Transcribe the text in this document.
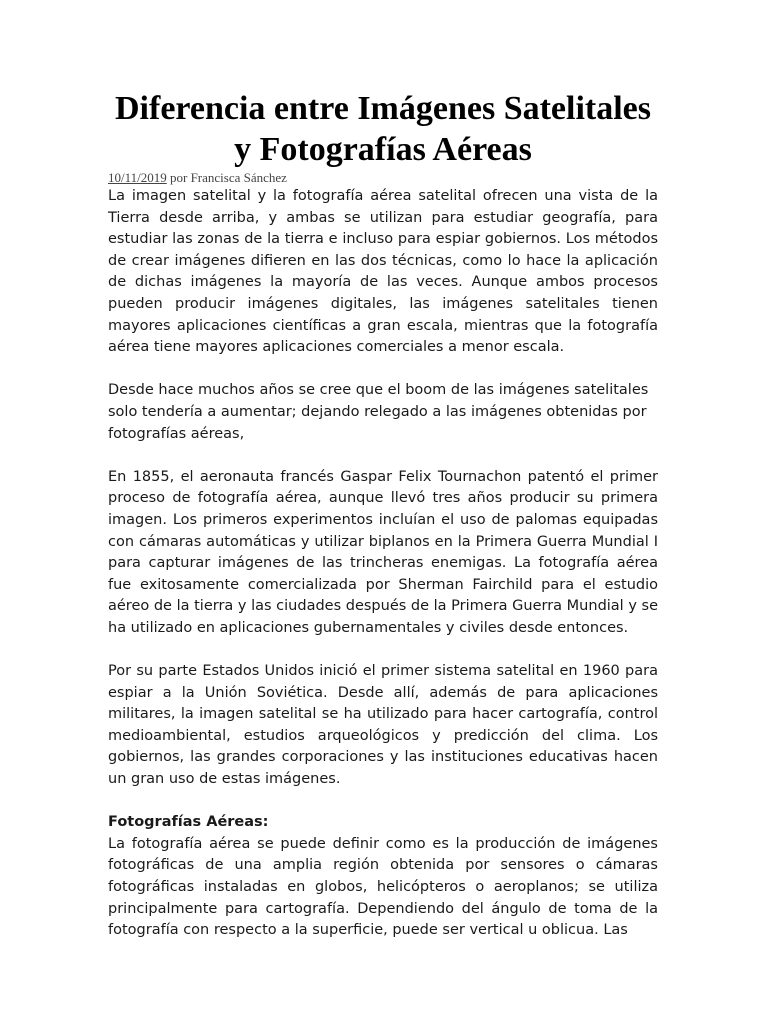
Diferencia entre Imágenes Satelitales y Fotografías Aéreas
10/11/2019 por Francisca Sánchez

La imagen satelital y la fotografía aérea satelital ofrecen una vista de la Tierra desde arriba, y ambas se utilizan para estudiar geografía, para estudiar las zonas de la tierra e incluso para espiar gobiernos. Los métodos de crear imágenes difieren en las dos técnicas, como lo hace la aplicación de dichas imágenes la mayoría de las veces. Aunque ambos procesos pueden producir imágenes digitales, las imágenes satelitales tienen mayores aplicaciones científicas a gran escala, mientras que la fotografía aérea tiene mayores aplicaciones comerciales a menor escala.

Desde hace muchos años se cree que el boom de las imágenes satelitales solo tendería a aumentar; dejando relegado a las imágenes obtenidas por fotografías aéreas,

En 1855, el aeronauta francés Gaspar Felix Tournachon patentó el primer proceso de fotografía aérea, aunque llevó tres años producir su primera imagen. Los primeros experimentos incluían el uso de palomas equipadas con cámaras automáticas y utilizar biplanos en la Primera Guerra Mundial I para capturar imágenes de las trincheras enemigas. La fotografía aérea fue exitosamente comercializada por Sherman Fairchild para el estudio aéreo de la tierra y las ciudades después de la Primera Guerra Mundial y se ha utilizado en aplicaciones gubernamentales y civiles desde entonces.

Por su parte Estados Unidos inició el primer sistema satelital en 1960 para espiar a la Unión Soviética. Desde allí, además de para aplicaciones militares, la imagen satelital se ha utilizado para hacer cartografía, control medioambiental, estudios arqueológicos y predicción del clima. Los gobiernos, las grandes corporaciones y las instituciones educativas hacen un gran uso de estas imágenes.

Fotografías Aéreas:

La fotografía aérea se puede definir como es la producción de imágenes fotográficas de una amplia región obtenida por sensores o cámaras fotográficas instaladas en globos, helicópteros o aeroplanos; se utiliza principalmente para cartografía. Dependiendo del ángulo de toma de la fotografía con respecto a la superficie, puede ser vertical u oblicua. Las
